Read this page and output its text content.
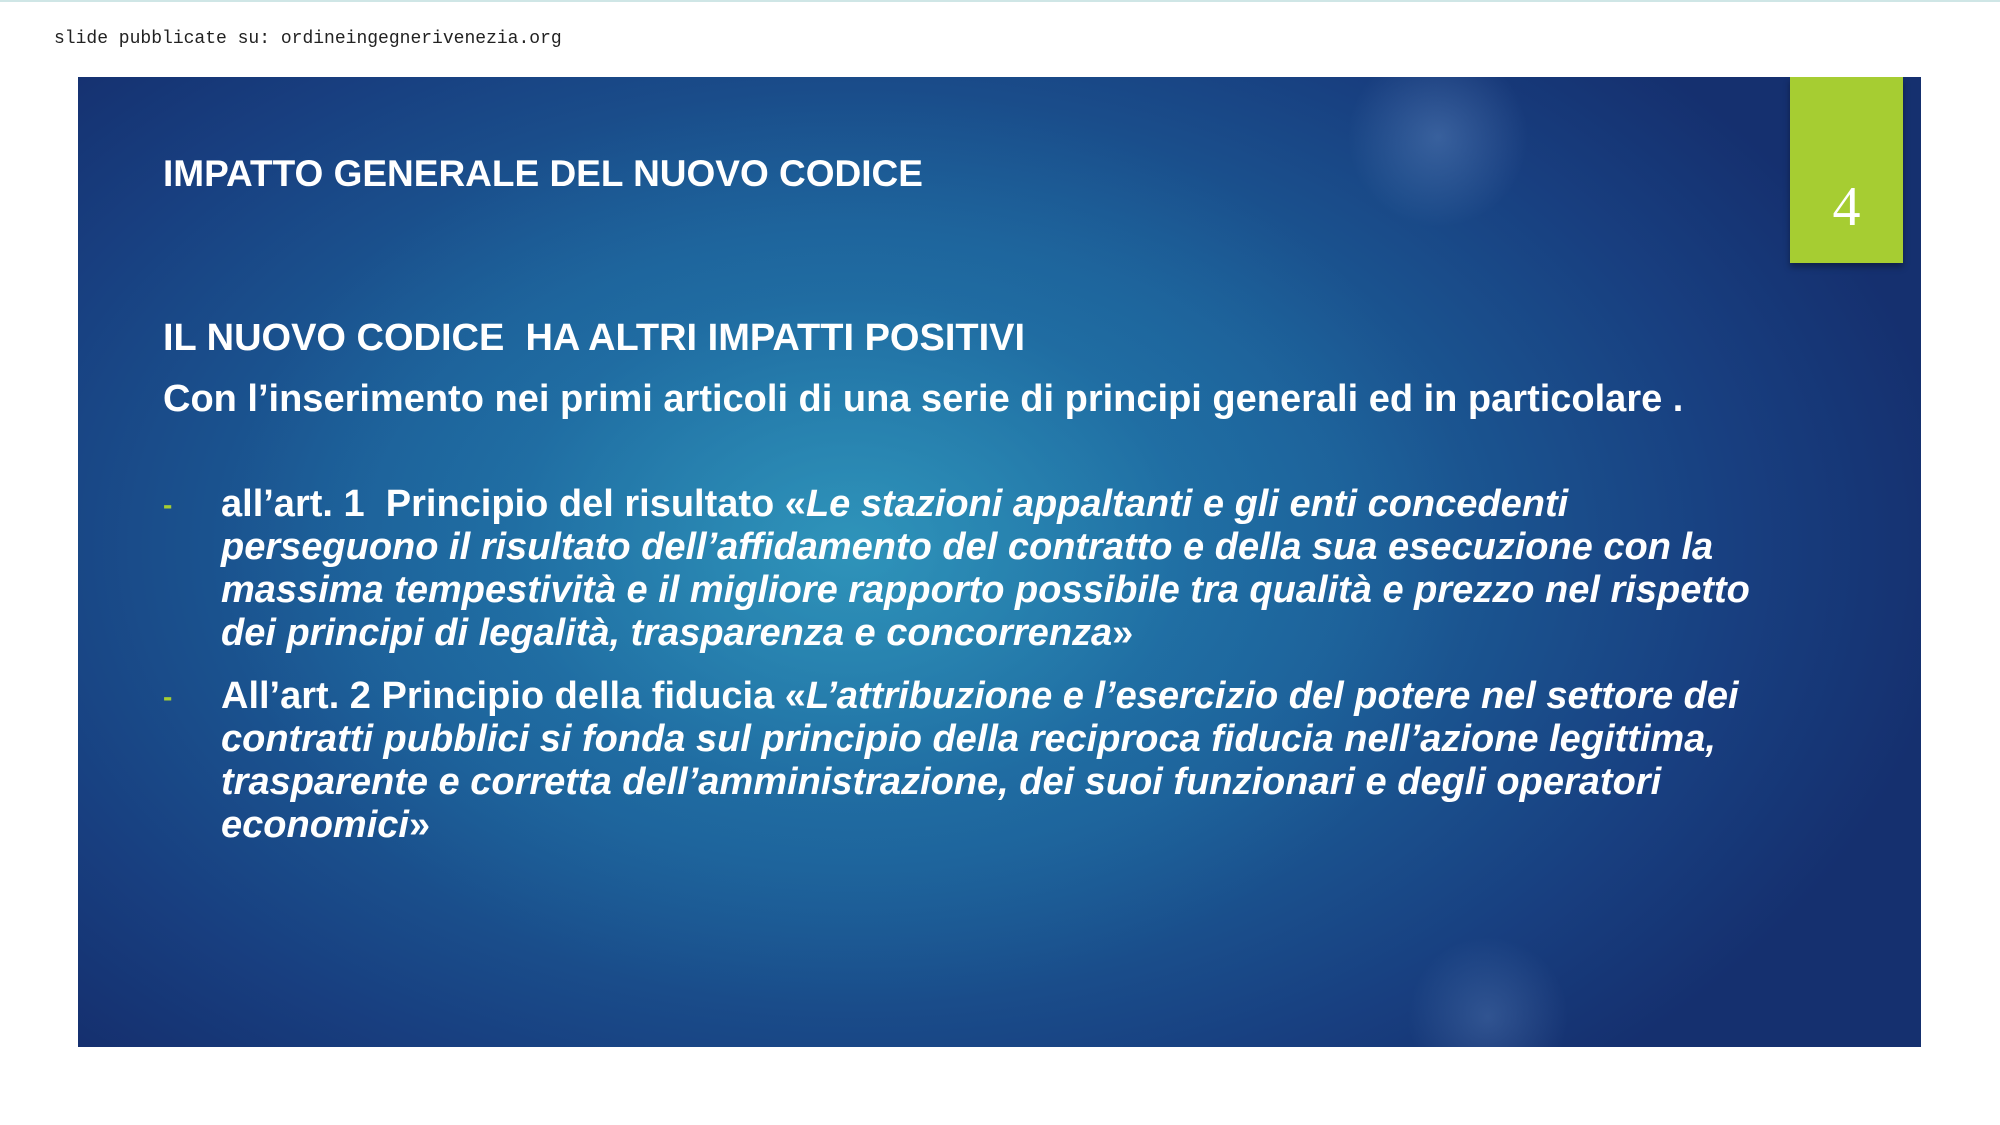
slide pubblicate su: ordineingegnerivenezia.org
4
IMPATTO GENERALE DEL NUOVO CODICE
IL NUOVO CODICE  HA ALTRI IMPATTI POSITIVI

Con l’inserimento nei primi articoli di una serie di principi generali ed in particolare .

- all’art. 1  Principio del risultato «Le stazioni appaltanti e gli enti concedenti perseguono il risultato dell’affidamento del contratto e della sua esecuzione con la massima tempestività e il migliore rapporto possibile tra qualità e prezzo nel rispetto dei principi di legalità, trasparenza e concorrenza»
- All’art. 2 Principio della fiducia «L’attribuzione e l’esercizio del potere nel settore dei contratti pubblici si fonda sul principio della reciproca fiducia nell’azione legittima, trasparente e corretta dell’amministrazione, dei suoi funzionari e degli operatori economici»
